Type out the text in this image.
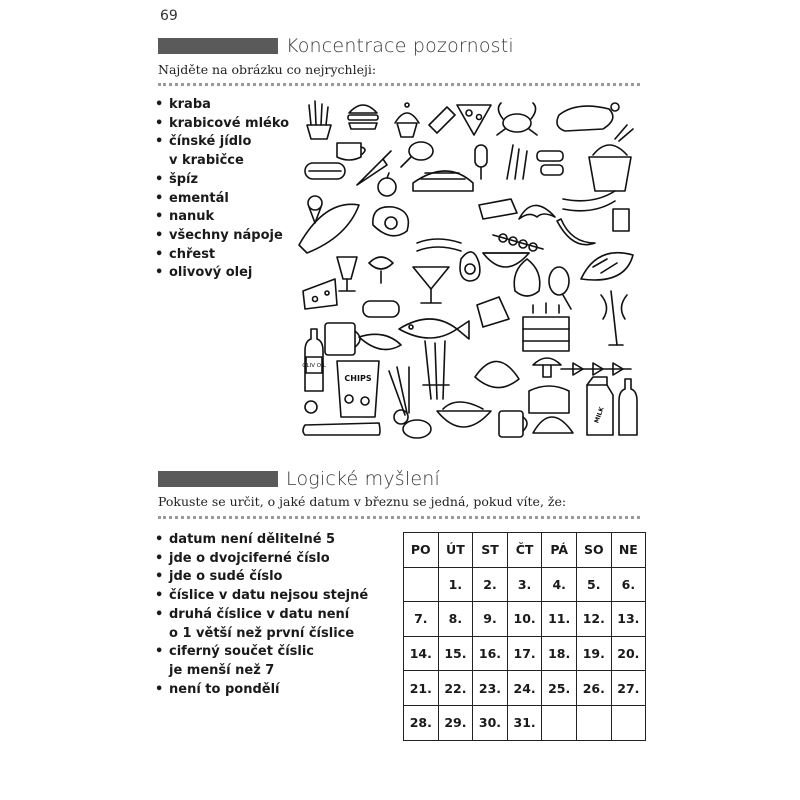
69
Koncentrace pozornosti
Najděte na obrázku co nejrychleji:
• kraba
• krabicové mléko
• čínské jídlo
v krabičce
• špíz
• ementál
• nanuk
• všechny nápoje
• chřest
• olivový olej
OLIV OIL
CHIPS
MILK
Logické myšlení
Pokuste se určit, o jaké datum v březnu se jedná, pokud víte, že:
• datum není dělitelné 5
• jde o dvojciferné číslo
• jde o sudé číslo
• číslice v datu nejsou stejné
• druhá číslice v datu není
o 1 větší než první číslice
• ciferný součet číslic
je menší než 7
• není to pondělí
PO	ÚT	ST	ČT	PÁ	SO	NE
	1.	2.	3.	4.	5.	6.
7.	8.	9.	10.	11.	12.	13.
14.	15.	16.	17.	18.	19.	20.
21.	22.	23.	24.	25.	26.	27.
28.	29.	30.	31.			
